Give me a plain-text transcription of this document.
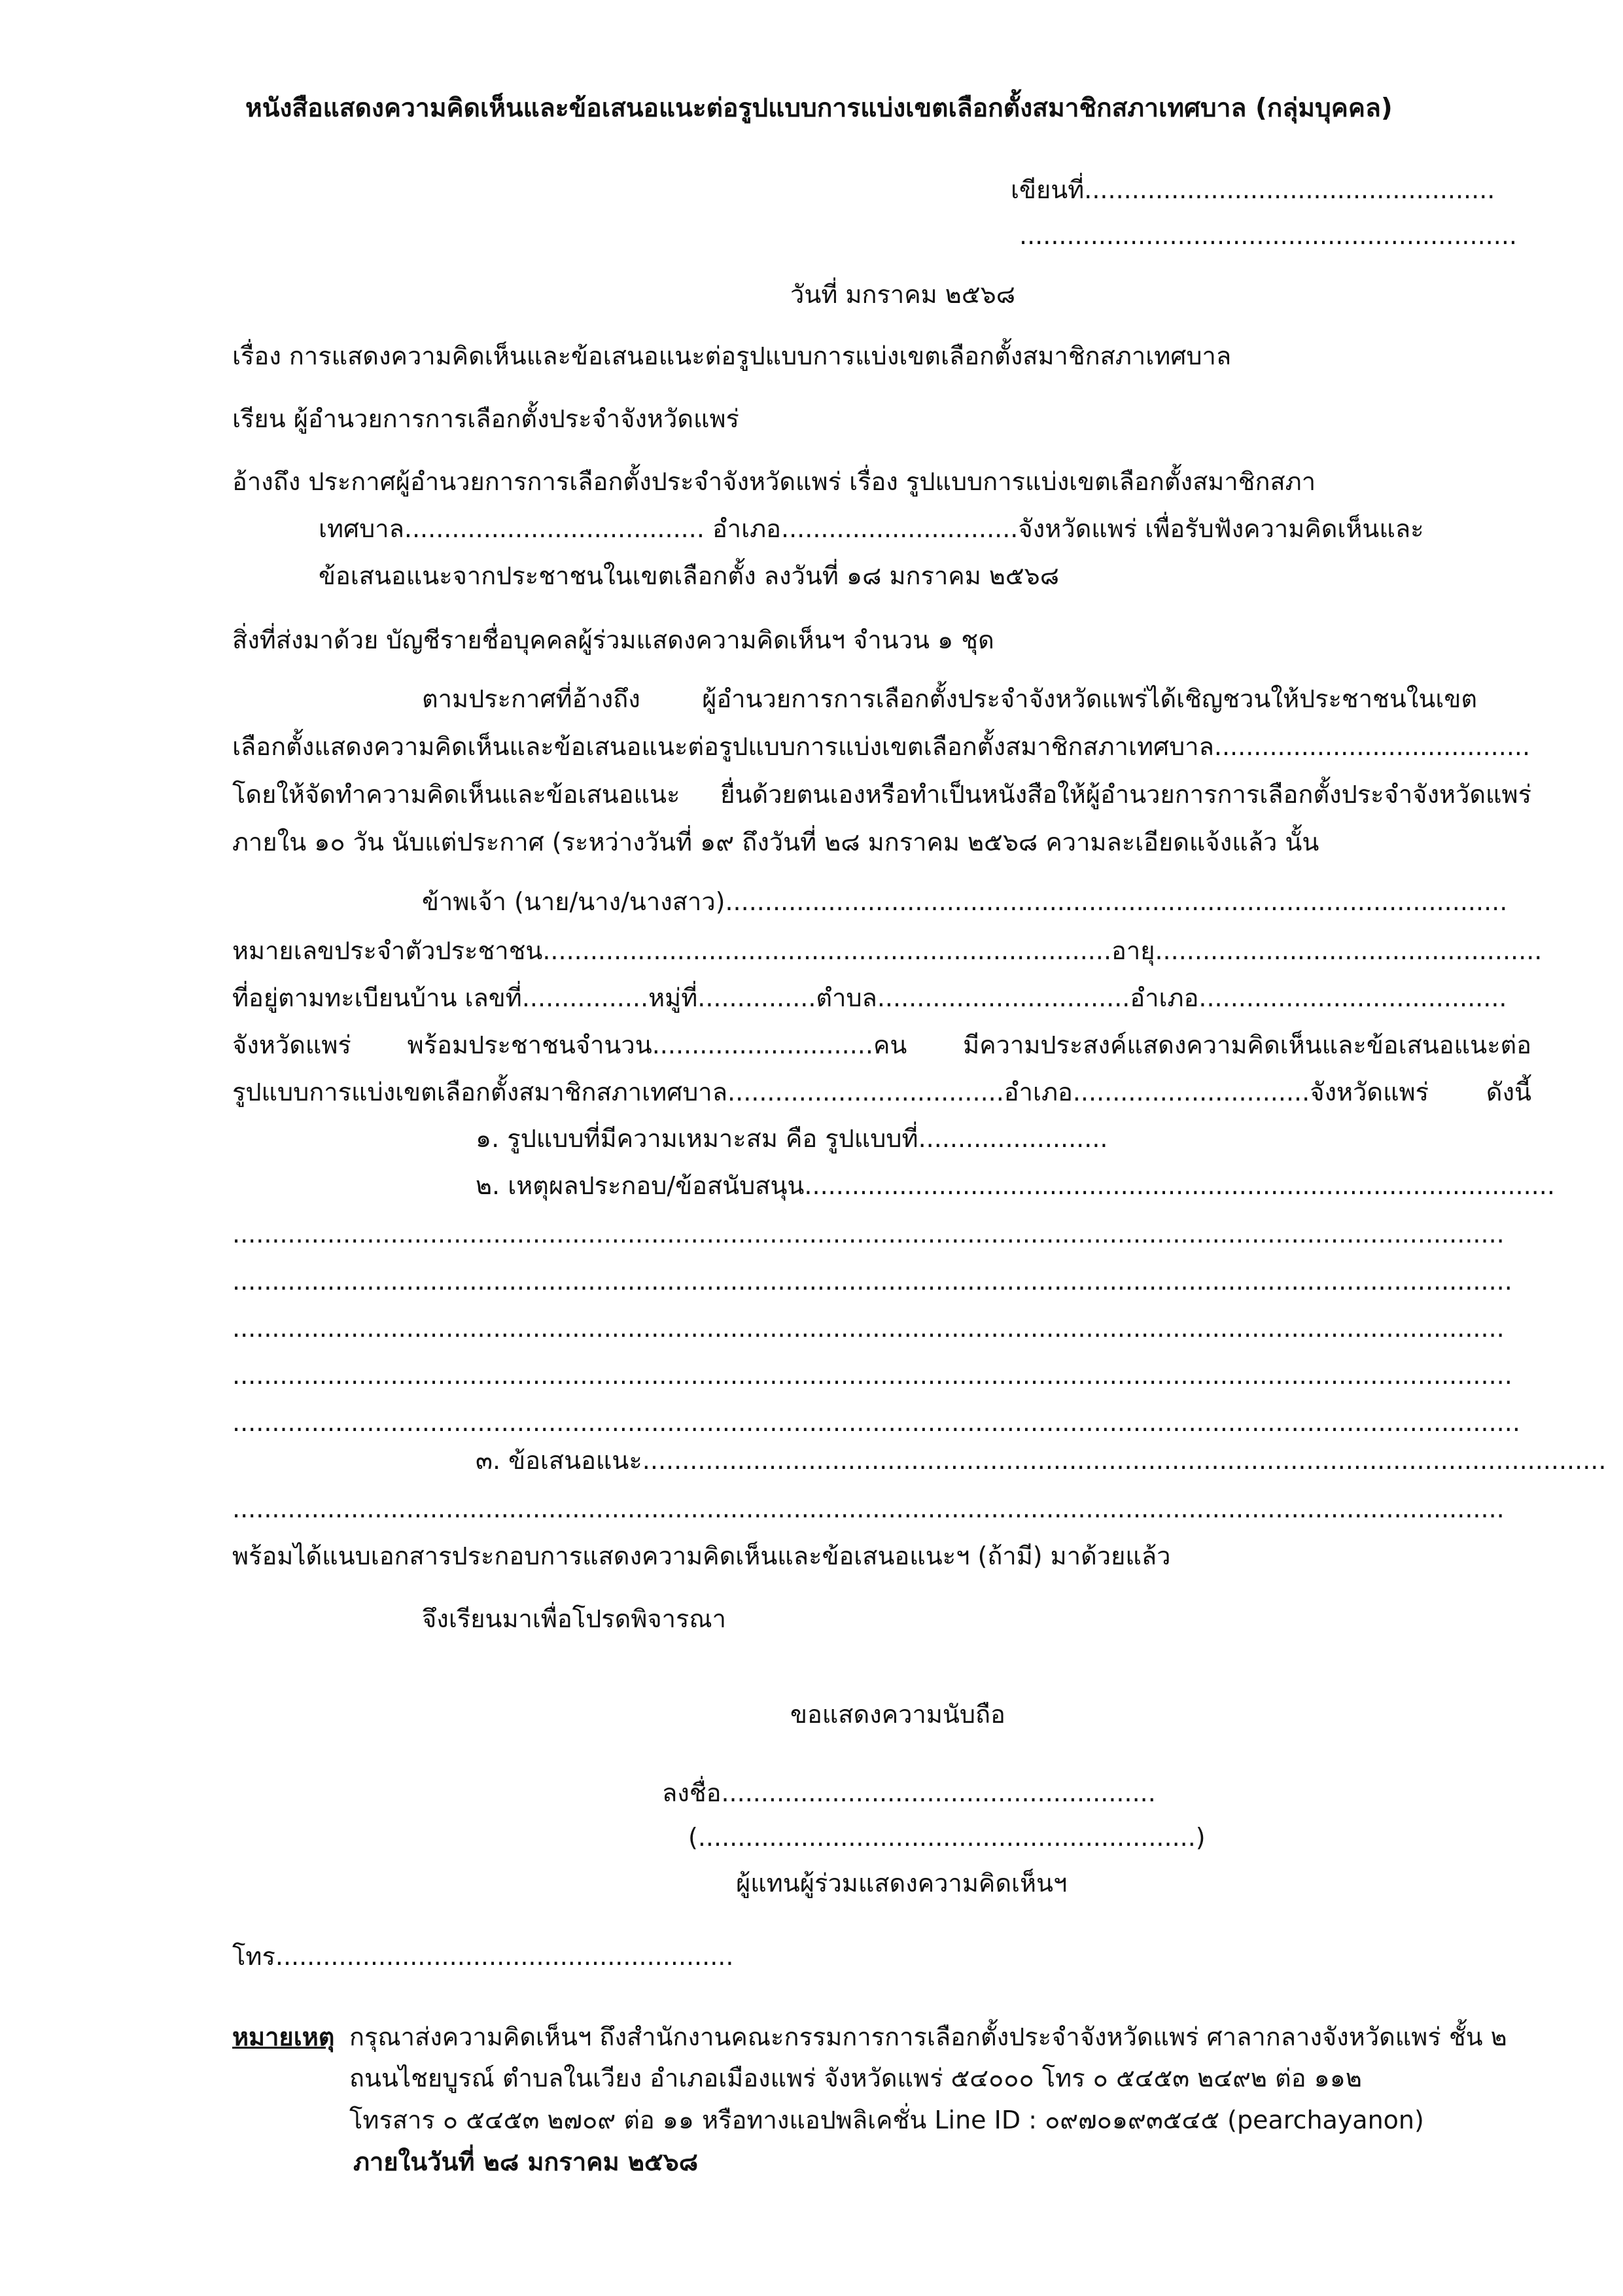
หนังสือแสดงความคิดเห็นและข้อเสนอแนะต่อรูปแบบการแบ่งเขตเลือกตั้งสมาชิกสภาเทศบาล (กลุ่มบุคคล)

เขียนที่....................................................

...............................................................

วันที่ มกราคม ๒๕๖๘

เรื่อง การแสดงความคิดเห็นและข้อเสนอแนะต่อรูปแบบการแบ่งเขตเลือกตั้งสมาชิกสภาเทศบาล

เรียน ผู้อำนวยการการเลือกตั้งประจำจังหวัดแพร่

อ้างถึง ประกาศผู้อำนวยการการเลือกตั้งประจำจังหวัดแพร่ เรื่อง รูปแบบการแบ่งเขตเลือกตั้งสมาชิกสภา

เทศบาล...................................... อำเภอ..............................จังหวัดแพร่ เพื่อรับฟังความคิดเห็นและ

ข้อเสนอแนะจากประชาชนในเขตเลือกตั้ง ลงวันที่ ๑๘ มกราคม ๒๕๖๘

สิ่งที่ส่งมาด้วย บัญชีรายชื่อบุคคลผู้ร่วมแสดงความคิดเห็นฯ จำนวน ๑ ชุด

ตามประกาศที่อ้างถึง ผู้อำนวยการการเลือกตั้งประจำจังหวัดแพร่ได้เชิญชวนให้ประชาชนในเขต

เลือกตั้งแสดงความคิดเห็นและข้อเสนอแนะต่อรูปแบบการแบ่งเขตเลือกตั้งสมาชิกสภาเทศบาล........................................

โดยให้จัดทำความคิดเห็นและข้อเสนอแนะ ยื่นด้วยตนเองหรือทำเป็นหนังสือให้ผู้อำนวยการการเลือกตั้งประจำจังหวัดแพร่

ภายใน ๑๐ วัน นับแต่ประกาศ (ระหว่างวันที่ ๑๙ ถึงวันที่ ๒๘ มกราคม ๒๕๖๘ ความละเอียดแจ้งแล้ว นั้น

ข้าพเจ้า (นาย/นาง/นางสาว)...................................................................................................

หมายเลขประจำตัวประชาชน........................................................................อายุ.................................................

ที่อยู่ตามทะเบียนบ้าน เลขที่................หมู่ที่...............ตำบล................................อำเภอ.......................................

จังหวัดแพร่ พร้อมประชาชนจำนวน............................คน มีความประสงค์แสดงความคิดเห็นและข้อเสนอแนะต่อ

รูปแบบการแบ่งเขตเลือกตั้งสมาชิกสภาเทศบาล...................................อำเภอ..............................จังหวัดแพร่ ดังนี้

๑. รูปแบบที่มีความเหมาะสม คือ รูปแบบที่........................

๒. เหตุผลประกอบ/ข้อสนับสนุน...............................................................................................

.................................................................................................................................................................

..................................................................................................................................................................

.................................................................................................................................................................

..................................................................................................................................................................

...................................................................................................................................................................

๓. ข้อเสนอแนะ..........................................................................................................................

.................................................................................................................................................................

พร้อมได้แนบเอกสารประกอบการแสดงความคิดเห็นและข้อเสนอแนะฯ (ถ้ามี) มาด้วยแล้ว

จึงเรียนมาเพื่อโปรดพิจารณา

ขอแสดงความนับถือ

ลงชื่อ.......................................................

(...............................................................)

ผู้แทนผู้ร่วมแสดงความคิดเห็นฯ

โทร..........................................................

หมายเหตุ กรุณาส่งความคิดเห็นฯ ถึงสำนักงานคณะกรรมการการเลือกตั้งประจำจังหวัดแพร่ ศาลากลางจังหวัดแพร่ ชั้น ๒

ถนนไชยบูรณ์ ตำบลในเวียง อำเภอเมืองแพร่ จังหวัดแพร่ ๕๔๐๐๐ โทร ๐ ๕๔๕๓ ๒๔๙๒ ต่อ ๑๑๒

โทรสาร ๐ ๕๔๕๓ ๒๗๐๙ ต่อ ๑๑ หรือทางแอปพลิเคชั่น Line ID : ๐๙๗๐๑๙๓๕๔๕ (pearchayanon)

ภายในวันที่ ๒๘ มกราคม ๒๕๖๘
